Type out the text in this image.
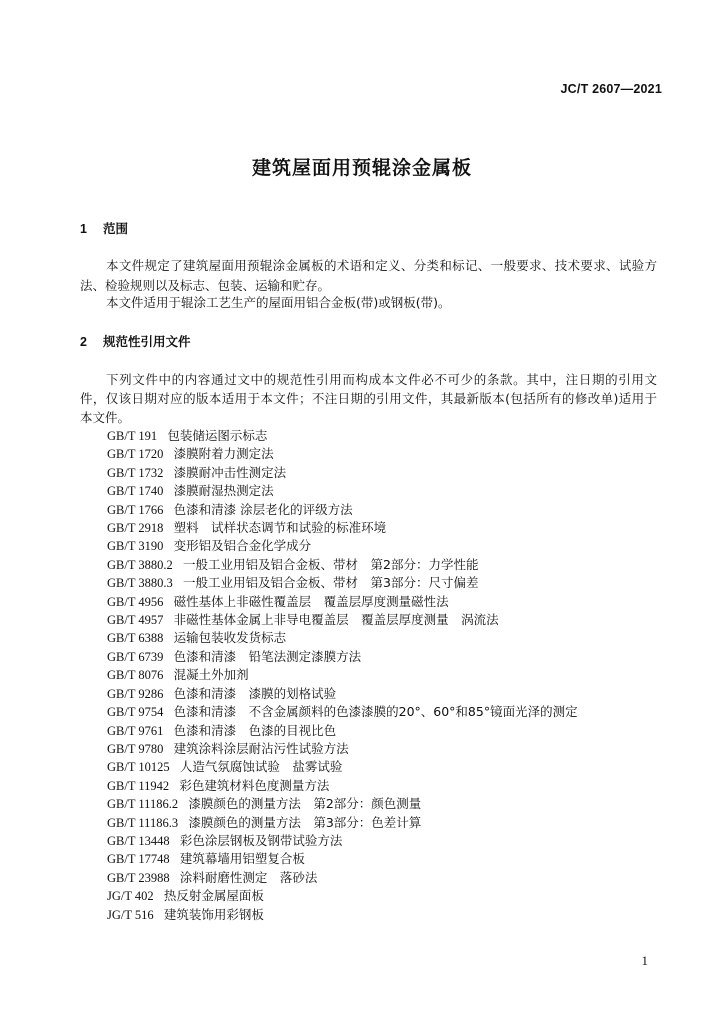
JC/T 2607—2021
建筑屋面用预辊涂金属板
1 范围
本文件规定了建筑屋面用预辊涂金属板的术语和定义、分类和标记、一般要求、技术要求、试验方
法、检验规则以及标志、包装、运输和贮存。
本文件适用于辊涂工艺生产的屋面用铝合金板(带)或钢板(带)。
2 规范性引用文件
下列文件中的内容通过文中的规范性引用而构成本文件必不可少的条款。其中，注日期的引用文
件，仅该日期对应的版本适用于本文件；不注日期的引用文件，其最新版本(包括所有的修改单)适用于
本文件。
GB/T 191  包装储运图示标志
GB/T 1720  漆膜附着力测定法
GB/T 1732  漆膜耐冲击性测定法
GB/T 1740  漆膜耐湿热测定法
GB/T 1766  色漆和清漆 涂层老化的评级方法
GB/T 2918  塑料　试样状态调节和试验的标准环境
GB/T 3190  变形铝及铝合金化学成分
GB/T 3880.2  一般工业用铝及铝合金板、带材　第2部分：力学性能
GB/T 3880.3  一般工业用铝及铝合金板、带材　第3部分：尺寸偏差
GB/T 4956  磁性基体上非磁性覆盖层　覆盖层厚度测量磁性法
GB/T 4957  非磁性基体金属上非导电覆盖层　覆盖层厚度测量　涡流法
GB/T 6388  运输包装收发货标志
GB/T 6739  色漆和清漆　铅笔法测定漆膜方法
GB/T 8076  混凝土外加剂
GB/T 9286  色漆和清漆　漆膜的划格试验
GB/T 9754  色漆和清漆　不含金属颜料的色漆漆膜的20°、60°和85°镜面光泽的测定
GB/T 9761  色漆和清漆　色漆的目视比色
GB/T 9780  建筑涂料涂层耐沾污性试验方法
GB/T 10125  人造气氛腐蚀试验　盐雾试验
GB/T 11942  彩色建筑材料色度测量方法
GB/T 11186.2  漆膜颜色的测量方法　第2部分：颜色测量
GB/T 11186.3  漆膜颜色的测量方法　第3部分：色差计算
GB/T 13448  彩色涂层钢板及钢带试验方法
GB/T 17748  建筑幕墙用铝塑复合板
GB/T 23988  涂料耐磨性测定　落砂法
JG/T 402  热反射金属屋面板
JG/T 516  建筑装饰用彩钢板
1
